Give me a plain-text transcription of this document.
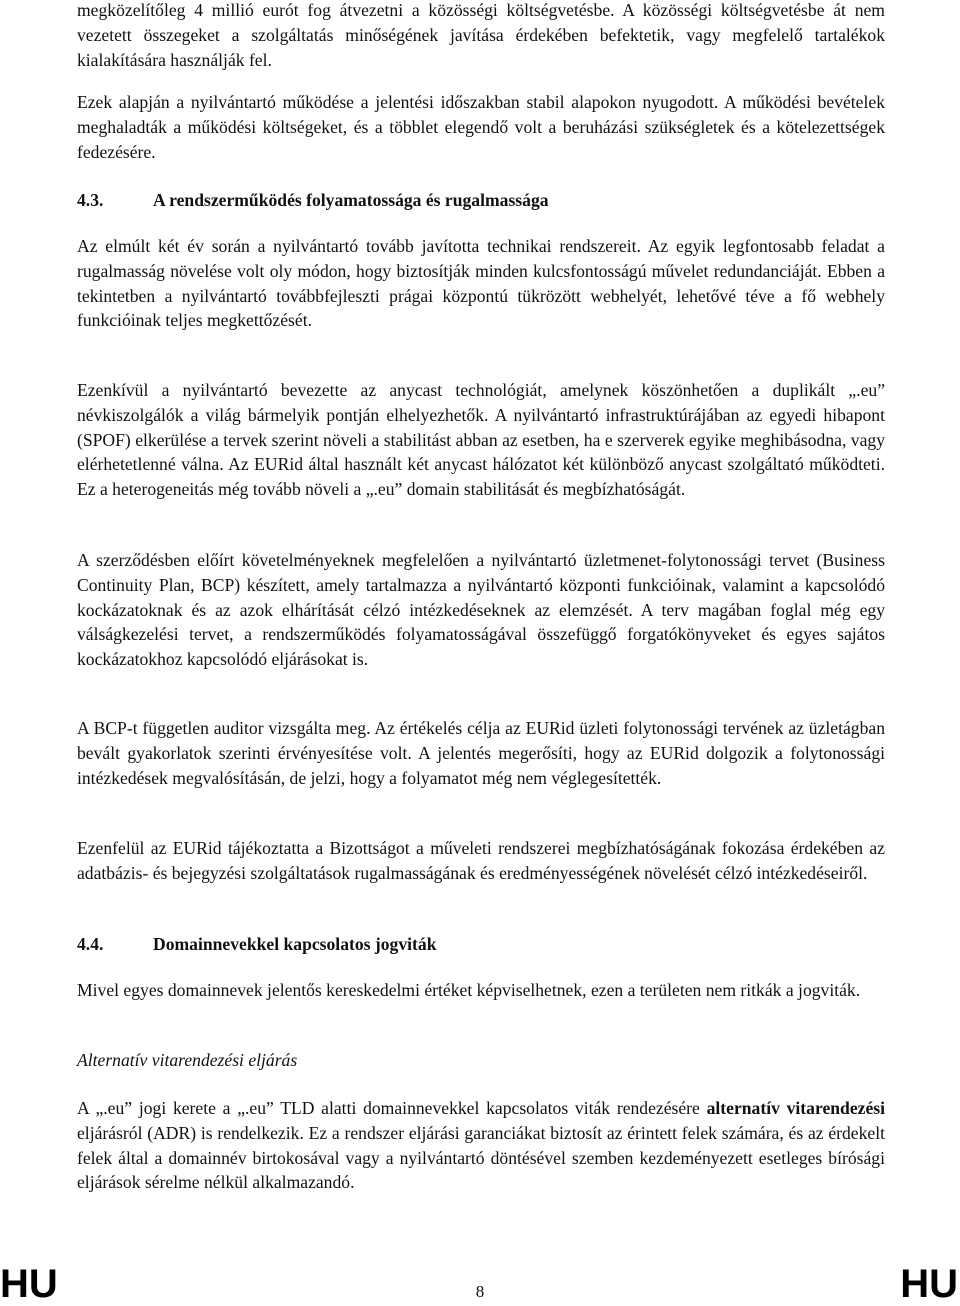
megközelítőleg 4 millió eurót fog átvezetni a közösségi költségvetésbe. A közösségi költségvetésbe át nem vezetett összegeket a szolgáltatás minőségének javítása érdekében befektetik, vagy megfelelő tartalékok kialakítására használják fel.

Ezek alapján a nyilvántartó működése a jelentési időszakban stabil alapokon nyugodott. A működési bevételek meghaladták a működési költségeket, és a többlet elegendő volt a beruházási szükségletek és a kötelezettségek fedezésére.

4.3.	A rendszerműködés folyamatossága és rugalmassága

Az elmúlt két év során a nyilvántartó tovább javította technikai rendszereit. Az egyik legfontosabb feladat a rugalmasság növelése volt oly módon, hogy biztosítják minden kulcsfontosságú művelet redundanciáját. Ebben a tekintetben a nyilvántartó továbbfejleszti prágai központú tükrözött webhelyét, lehetővé téve a fő webhely funkcióinak teljes megkettőzését.

Ezenkívül a nyilvántartó bevezette az anycast technológiát, amelynek köszönhetően a duplikált „.eu” névkiszolgálók a világ bármelyik pontján elhelyezhetők. A nyilvántartó infrastruktúrájában az egyedi hibapont (SPOF) elkerülése a tervek szerint növeli a stabilitást abban az esetben, ha e szerverek egyike meghibásodna, vagy elérhetetlenné válna. Az EURid által használt két anycast hálózatot két különböző anycast szolgáltató működteti. Ez a heterogeneitás még tovább növeli a „.eu” domain stabilitását és megbízhatóságát.

A szerződésben előírt követelményeknek megfelelően a nyilvántartó üzletmenet-folytonossági tervet (Business Continuity Plan, BCP) készített, amely tartalmazza a nyilvántartó központi funkcióinak, valamint a kapcsolódó kockázatoknak és az azok elhárítását célzó intézkedéseknek az elemzését. A terv magában foglal még egy válságkezelési tervet, a rendszerműködés folyamatosságával összefüggő forgatókönyveket és egyes sajátos kockázatokhoz kapcsolódó eljárásokat is.

A BCP-t független auditor vizsgálta meg. Az értékelés célja az EURid üzleti folytonossági tervének az üzletágban bevált gyakorlatok szerinti érvényesítése volt. A jelentés megerősíti, hogy az EURid dolgozik a folytonossági intézkedések megvalósításán, de jelzi, hogy a folyamatot még nem véglegesítették.

Ezenfelül az EURid tájékoztatta a Bizottságot a műveleti rendszerei megbízhatóságának fokozása érdekében az adatbázis- és bejegyzési szolgáltatások rugalmasságának és eredményességének növelését célzó intézkedéseiről.

4.4.	Domainnevekkel kapcsolatos jogviták

Mivel egyes domainnevek jelentős kereskedelmi értéket képviselhetnek, ezen a területen nem ritkák a jogviták.

Alternatív vitarendezési eljárás

A „.eu” jogi kerete a „.eu” TLD alatti domainnevekkel kapcsolatos viták rendezésére alternatív vitarendezési eljárásról (ADR) is rendelkezik. Ez a rendszer eljárási garanciákat biztosít az érintett felek számára, és az érdekelt felek által a domainnév birtokosával vagy a nyilvántartó döntésével szemben kezdeményezett esetleges bírósági eljárások sérelme nélkül alkalmazandó.

HU	8	HU
